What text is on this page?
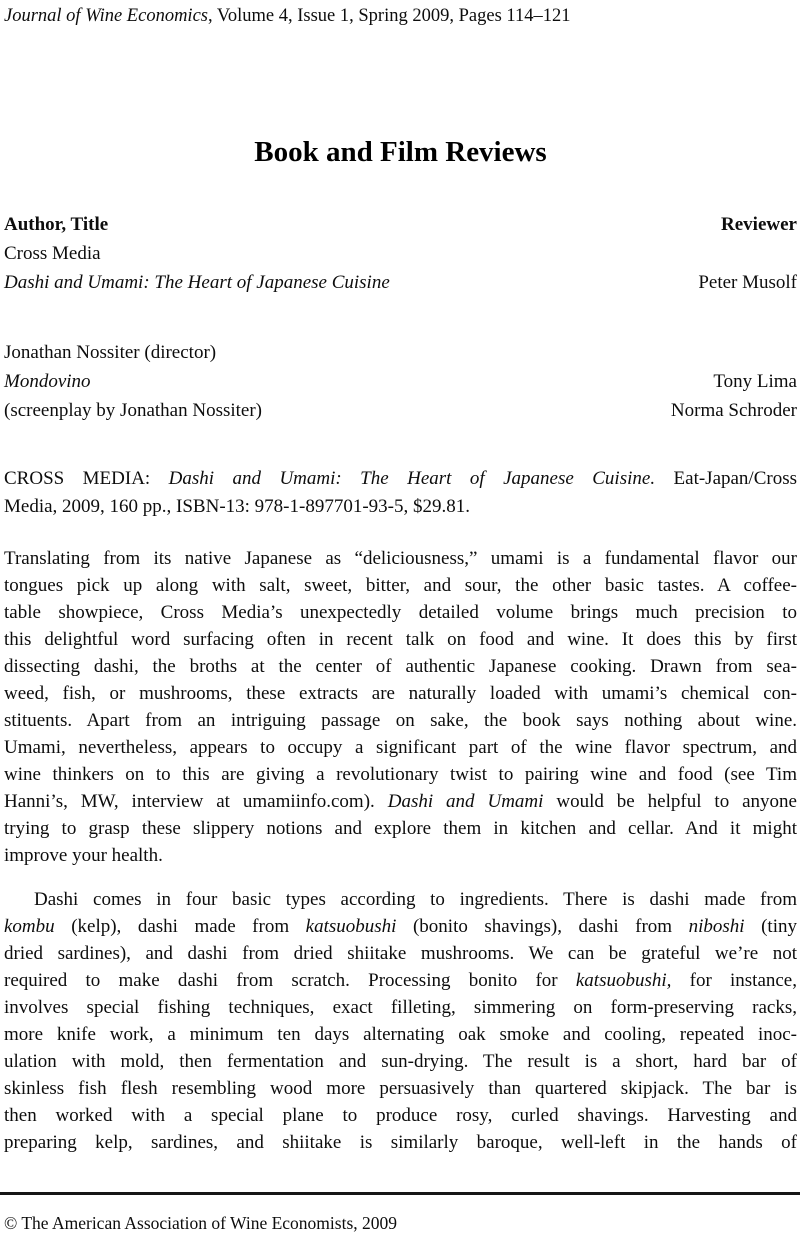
Journal of Wine Economics, Volume 4, Issue 1, Spring 2009, Pages 114–121
Book and Film Reviews
Author, Title	Reviewer
Cross Media
Dashi and Umami: The Heart of Japanese Cuisine	Peter Musolf
Jonathan Nossiter (director)
Mondovino	Tony Lima
(screenplay by Jonathan Nossiter)	Norma Schroder
CROSS MEDIA: Dashi and Umami: The Heart of Japanese Cuisine. Eat-Japan/Cross
Media, 2009, 160 pp., ISBN-13: 978-1-897701-93-5, $29.81.
Translating from its native Japanese as “deliciousness,” umami is a fundamental flavor our
tongues pick up along with salt, sweet, bitter, and sour, the other basic tastes. A coffee-
table showpiece, Cross Media’s unexpectedly detailed volume brings much precision to
this delightful word surfacing often in recent talk on food and wine. It does this by first
dissecting dashi, the broths at the center of authentic Japanese cooking. Drawn from sea-
weed, fish, or mushrooms, these extracts are naturally loaded with umami’s chemical con-
stituents. Apart from an intriguing passage on sake, the book says nothing about wine.
Umami, nevertheless, appears to occupy a significant part of the wine flavor spectrum, and
wine thinkers on to this are giving a revolutionary twist to pairing wine and food (see Tim
Hanni’s, MW, interview at umamiinfo.com). Dashi and Umami would be helpful to anyone
trying to grasp these slippery notions and explore them in kitchen and cellar. And it might
improve your health.
Dashi comes in four basic types according to ingredients. There is dashi made from
kombu (kelp), dashi made from katsuobushi (bonito shavings), dashi from niboshi (tiny
dried sardines), and dashi from dried shiitake mushrooms. We can be grateful we’re not
required to make dashi from scratch. Processing bonito for katsuobushi, for instance,
involves special fishing techniques, exact filleting, simmering on form-preserving racks,
more knife work, a minimum ten days alternating oak smoke and cooling, repeated inoc-
ulation with mold, then fermentation and sun-drying. The result is a short, hard bar of
skinless fish flesh resembling wood more persuasively than quartered skipjack. The bar is
then worked with a special plane to produce rosy, curled shavings. Harvesting and
preparing kelp, sardines, and shiitake is similarly baroque, well-left in the hands of
© The American Association of Wine Economists, 2009
